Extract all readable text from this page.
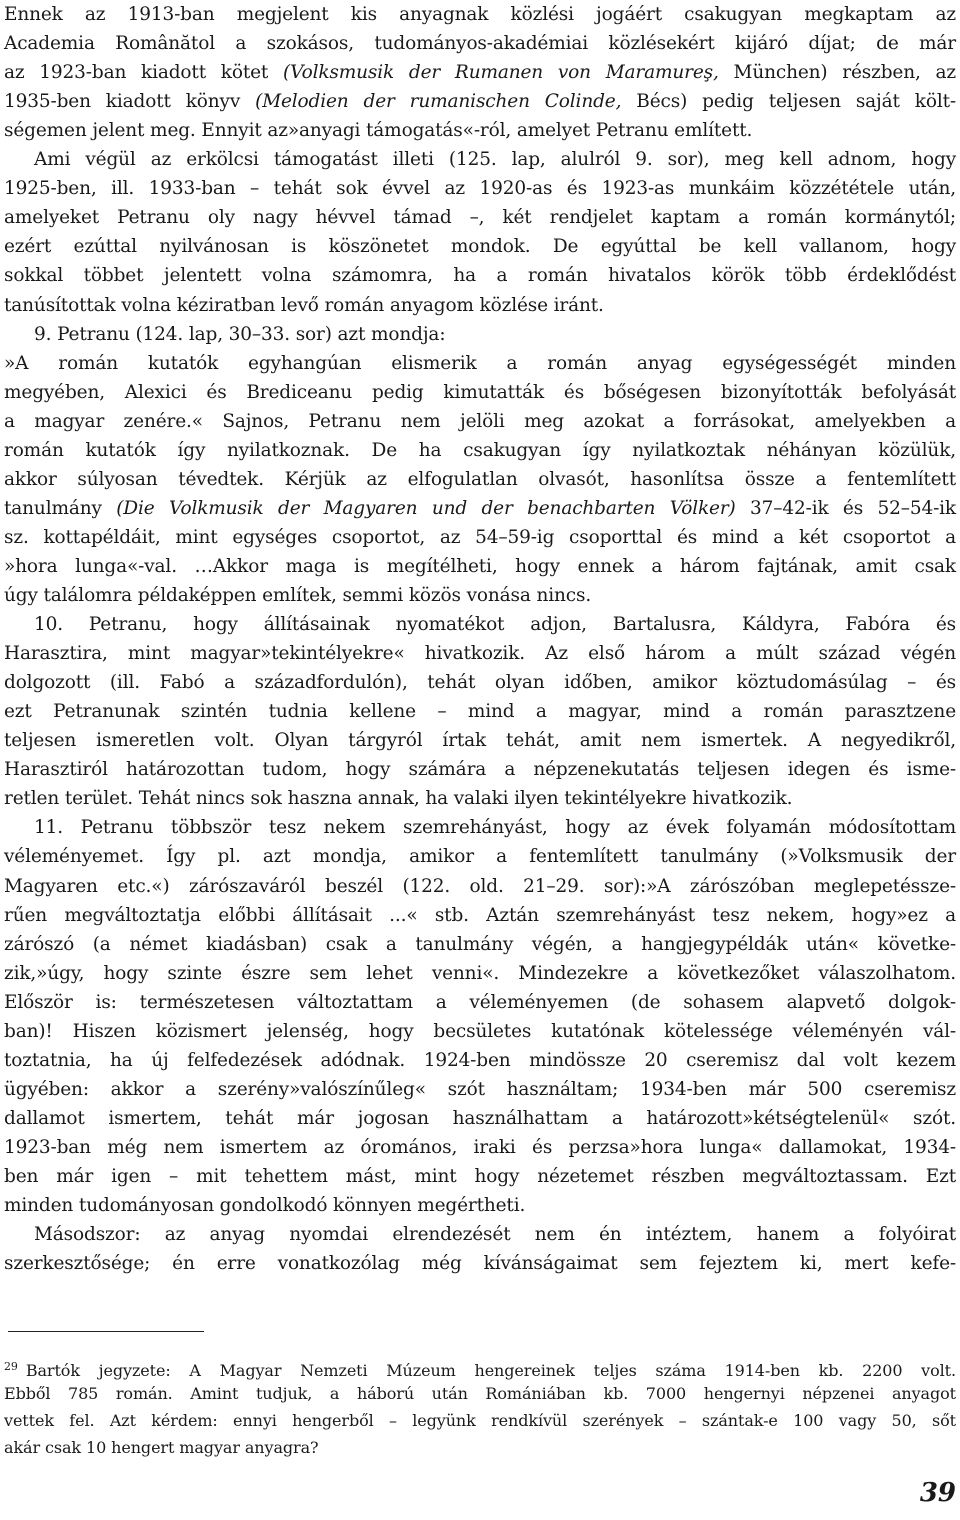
Ennek az 1913-ban megjelent kis anyagnak közlési jogáért csakugyan megkaptam az
Academia Românătol a szokásos, tudományos-akadémiai közlésekért kijáró díjat; de már
az 1923-ban kiadott kötet (Volksmusik der Rumanen von Maramureş, München) részben, az
1935-ben kiadott könyv (Melodien der rumanischen Colinde, Bécs) pedig teljesen saját költ-
ségemen jelent meg. Ennyit az»anyagi támogatás«-ról, amelyet Petranu említett.
Ami végül az erkölcsi támogatást illeti (125. lap, alulról 9. sor), meg kell adnom, hogy
1925-ben, ill. 1933-ban – tehát sok évvel az 1920-as és 1923-as munkáim közzététele után,
amelyeket Petranu oly nagy hévvel támad –, két rendjelet kaptam a román kormánytól;
ezért ezúttal nyilvánosan is köszönetet mondok. De egyúttal be kell vallanom, hogy
sokkal többet jelentett volna számomra, ha a román hivatalos körök több érdeklődést
tanúsítottak volna kéziratban levő román anyagom közlése iránt.
9. Petranu (124. lap, 30–33. sor) azt mondja:
»A román kutatók egyhangúan elismerik a román anyag egységességét minden
megyében, Alexici és Brediceanu pedig kimutatták és bőségesen bizonyították befolyását
a magyar zenére.« Sajnos, Petranu nem jelöli meg azokat a forrásokat, amelyekben a
román kutatók így nyilatkoznak. De ha csakugyan így nyilatkoztak néhányan közülük,
akkor súlyosan tévedtek. Kérjük az elfogulatlan olvasót, hasonlítsa össze a fentemlített
tanulmány (Die Volkmusik der Magyaren und der benachbarten Völker) 37–42-ik és 52–54-ik
sz. kottapéldáit, mint egységes csoportot, az 54–59-ig csoporttal és mind a két csoportot a
»hora lunga«-val. …Akkor maga is megítélheti, hogy ennek a három fajtának, amit csak
úgy találomra példaképpen említek, semmi közös vonása nincs.
10. Petranu, hogy állításainak nyomatékot adjon, Bartalusra, Káldyra, Fabóra és
Harasztira, mint magyar»tekintélyekre« hivatkozik. Az első három a múlt század végén
dolgozott (ill. Fabó a századfordulón), tehát olyan időben, amikor köztudomásúlag – és
ezt Petranunak szintén tudnia kellene – mind a magyar, mind a román parasztzene
teljesen ismeretlen volt. Olyan tárgyról írtak tehát, amit nem ismertek. A negyedikről,
Harasztiról határozottan tudom, hogy számára a népzenekutatás teljesen idegen és isme-
retlen terület. Tehát nincs sok haszna annak, ha valaki ilyen tekintélyekre hivatkozik.
11. Petranu többször tesz nekem szemrehányást, hogy az évek folyamán módosítottam
véleményemet. Így pl. azt mondja, amikor a fentemlített tanulmány (»Volksmusik der
Magyaren etc.«) zárószaváról beszél (122. old. 21–29. sor):»A zárószóban meglepetéssze-
rűen megváltoztatja előbbi állításait ...« stb. Aztán szemrehányást tesz nekem, hogy»ez a
zárószó (a német kiadásban) csak a tanulmány végén, a hangjegypéldák után« követke-
zik,»úgy, hogy szinte észre sem lehet venni«. Mindezekre a következőket válaszolhatom.
Először is: természetesen változtattam a véleményemen (de sohasem alapvető dolgok-
ban)! Hiszen közismert jelenség, hogy becsületes kutatónak kötelessége véleményén vál-
toztatnia, ha új felfedezések adódnak. 1924-ben mindössze 20 cseremisz dal volt kezem
ügyében: akkor a szerény»valószínűleg« szót használtam; 1934-ben már 500 cseremisz
dallamot ismertem, tehát már jogosan használhattam a határozott»kétségtelenül« szót.
1923-ban még nem ismertem az óromános, iraki és perzsa»hora lunga« dallamokat, 1934-
ben már igen – mit tehettem mást, mint hogy nézetemet részben megváltoztassam. Ezt
minden tudományosan gondolkodó könnyen megértheti.
Másodszor: az anyag nyomdai elrendezését nem én intéztem, hanem a folyóirat
szerkesztősége; én erre vonatkozólag még kívánságaimat sem fejeztem ki, mert kefe-
$^{29}$ Bartók jegyzete: A Magyar Nemzeti Múzeum hengereinek teljes száma 1914-ben kb. 2200 volt.
Ebből 785 román. Amint tudjuk, a háború után Romániában kb. 7000 hengernyi népzenei anyagot
vettek fel. Azt kérdem: ennyi hengerből – legyünk rendkívül szerények – szántak-e 100 vagy 50, sőt
akár csak 10 hengert magyar anyagra?
39
